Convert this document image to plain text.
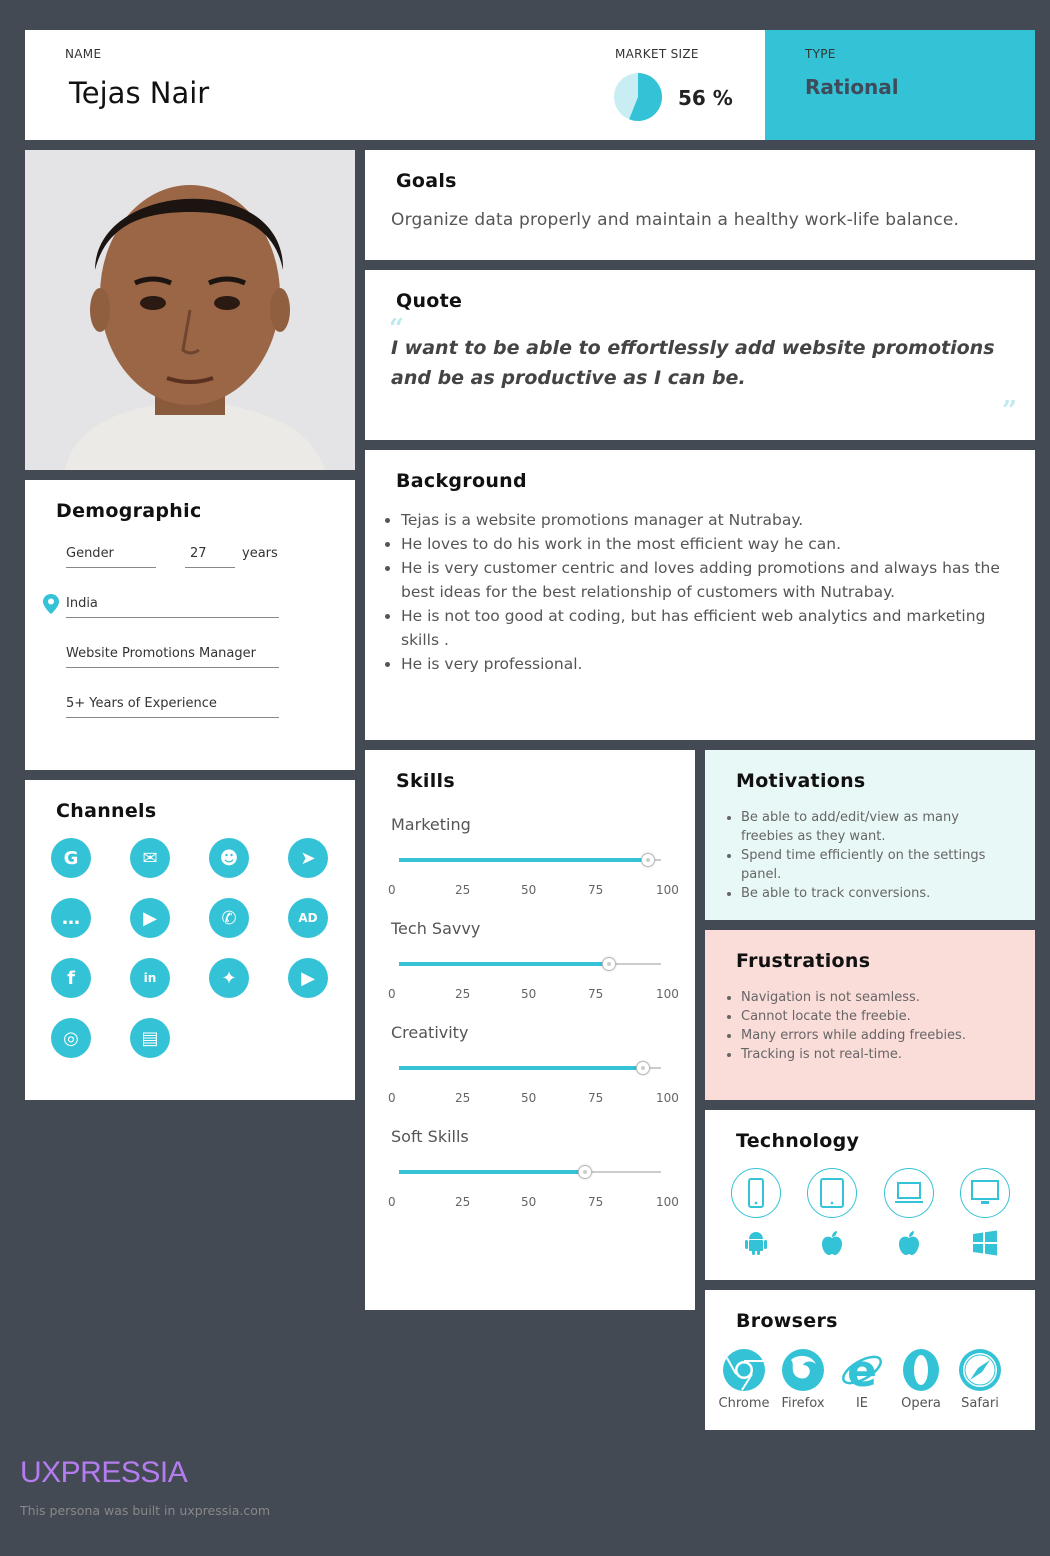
NAME
Tejas Nair
MARKET SIZE
56 %
TYPE
Rational
Goals
Organize data properly and maintain a healthy work-life balance.
Quote
“
I want to be able to effortlessly add website promotions and be as productive as I can be.
”
Background
• Tejas is a website promotions manager at Nutrabay.
• He loves to do his work in the most efficient way he can.
• He is very customer centric and loves adding promotions and always has the best ideas for the best relationship of customers with Nutrabay.
• He is not too good at coding, but has efficient web analytics and marketing skills .
• He is very professional.
Demographic
Gender	27	years
India
Website Promotions Manager
5+ Years of Experience
Channels
G	✉	☻	➤
…	▶	✆	AD
f	in	✦	▶
◎	▤
Skills
Marketing
0	25	50	75	100
Tech Savvy
0	25	50	75	100
Creativity
0	25	50	75	100
Soft Skills
0	25	50	75	100
Motivations
• Be able to add/edit/view as many freebies as they want.
• Spend time efficiently on the settings panel.
• Be able to track conversions.
Frustrations
• Navigation is not seamless.
• Cannot locate the freebie.
• Many errors while adding freebies.
• Tracking is not real-time.
Technology
Browsers
Chrome Firefox
e
IE	Opera	Safari
UXPRESSIA
This persona was built in uxpressia.com
